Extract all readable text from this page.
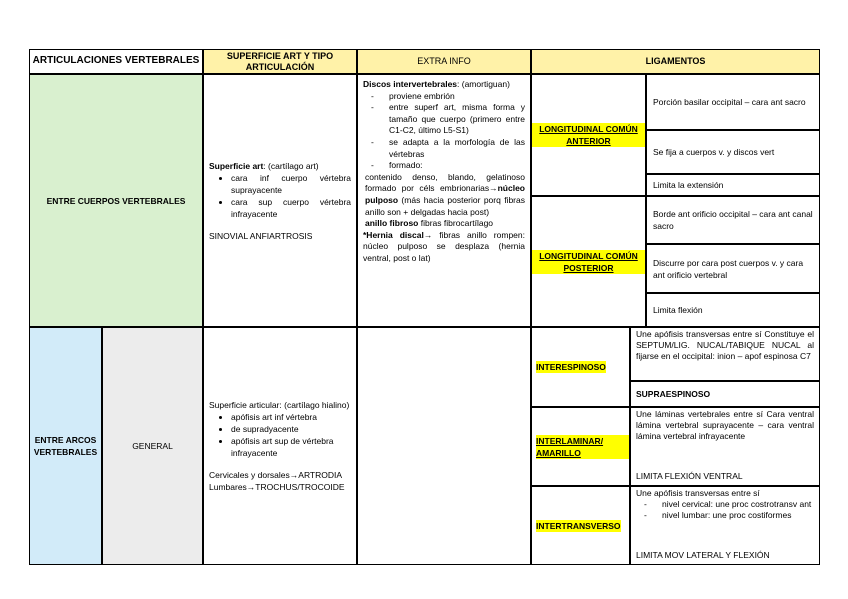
ARTICULACIONES VERTEBRALES	SUPERFICIE ART Y TIPO ARTICULACIÓN
EXTRA INFO	LIGAMENTOS
ENTRE CUERPOS VERTEBRALES

Superficie art: (cartílago art)

• cara inf cuerpo vértebra suprayacente
• cara sup cuerpo vértebra infrayacente

SINOVIAL ANFIARTROSIS

Discos intervertebrales: (amortiguan)

- proviene embrión
- entre superf art, misma forma y tamaño que cuerpo (primero entre C1-C2, último L5-S1)
- se adapta a la morfología de las vértebras
- formado:

contenido denso, blando, gelatinoso formado por céls embrionarias→núcleo pulposo (más hacia posterior porq fibras anillo son + delgadas hacia post)

anillo fibroso fibras fibrocartílago

*Hernia discal→ fibras anillo rompen: núcleo pulposo se desplaza (hernia ventral, post o lat)

LONGITUDINAL COMÚN ANTERIOR
Porción basilar occipital – cara ant sacro
Se fija a cuerpos v. y discos vert
Limita la extensión
LONGITUDINAL COMÚN POSTERIOR
Borde ant orificio occipital – cara ant canal sacro
Discurre por cara post cuerpos v. y cara ant orificio vertebral
Limita flexión
ENTRE ARCOS VERTEBRALES
GENERAL

Superficie articular: (cartílago hialino)

• apófisis art inf vértebra
• de supradyacente
• apófisis art sup de vértebra infrayacente

Cervicales y dorsales→ARTRODIA

Lumbares→TROCHUS/TROCOIDE

INTERESPINOSO
Une apófisis transversas entre sí Constituye el SEPTUM/LIG. NUCAL/TABIQUE NUCAL al fijarse en el occipital: inion – apof espinosa C7
SUPRAESPINOSO
INTERLAMINAR/ AMARILLO

Une láminas vertebrales entre sí Cara ventral lámina vertebral suprayacente – cara ventral lámina vertebral infrayacente

LIMITA FLEXIÓN VENTRAL

INTERTRANSVERSO

Une apófisis transversas entre sí

- nivel cervical: une proc costrotransv ant
- nivel lumbar: une proc costiformes

LIMITA MOV LATERAL Y FLEXIÓN
